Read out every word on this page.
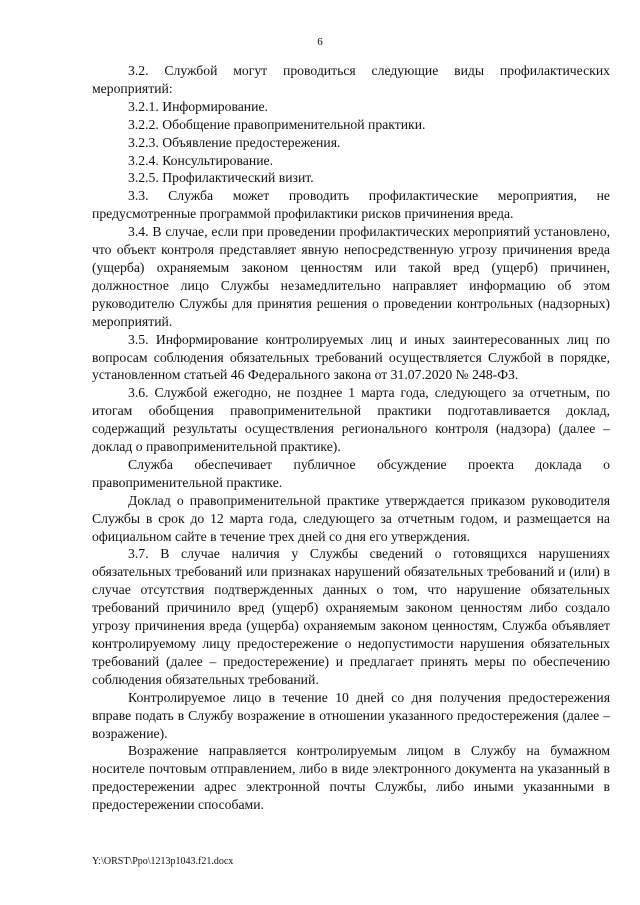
6

3.2. Службой могут проводиться следующие виды профилактических мероприятий:

3.2.1. Информирование.

3.2.2. Обобщение правоприменительной практики.

3.2.3. Объявление предостережения.

3.2.4. Консультирование.

3.2.5. Профилактический визит.

3.3. Служба может проводить профилактические мероприятия, не предусмотренные программой профилактики рисков причинения вреда.

3.4. В случае, если при проведении профилактических мероприятий установлено, что объект контроля представляет явную непосредственную угрозу причинения вреда (ущерба) охраняемым законом ценностям или такой вред (ущерб) причинен, должностное лицо Службы незамедлительно направляет информацию об этом руководителю Службы для принятия решения о проведении контрольных (надзорных) мероприятий.

3.5. Информирование контролируемых лиц и иных заинтересованных лиц по вопросам соблюдения обязательных требований осуществляется Службой в порядке, установленном статьей 46 Федерального закона от 31.07.2020 № 248-ФЗ.

3.6. Службой ежегодно, не позднее 1 марта года, следующего за отчетным, по итогам обобщения правоприменительной практики подготавливается доклад, содержащий результаты осуществления регионального контроля (надзора) (далее – доклад о правоприменительной практике).

Служба обеспечивает публичное обсуждение проекта доклада о правоприменительной практике.

Доклад о правоприменительной практике утверждается приказом руководителя Службы в срок до 12 марта года, следующего за отчетным годом, и размещается на официальном сайте в течение трех дней со дня его утверждения.

3.7. В случае наличия у Службы сведений о готовящихся нарушениях обязательных требований или признаках нарушений обязательных требований и (или) в случае отсутствия подтвержденных данных о том, что нарушение обязательных требований причинило вред (ущерб) охраняемым законом ценностям либо создало угрозу причинения вреда (ущерба) охраняемым законом ценностям, Служба объявляет контролируемому лицу предостережение о недопустимости нарушения обязательных требований (далее – предостережение) и предлагает принять меры по обеспечению соблюдения обязательных требований.

Контролируемое лицо в течение 10 дней со дня получения предостережения вправе подать в Службу возражение в отношении указанного предостережения (далее – возражение).

Возражение направляется контролируемым лицом в Службу на бумажном носителе почтовым отправлением, либо в виде электронного документа на указанный в предостережении адрес электронной почты Службы, либо иными указанными в предостережении способами.

Y:\ORST\Ppo\1213p1043.f21.docx
